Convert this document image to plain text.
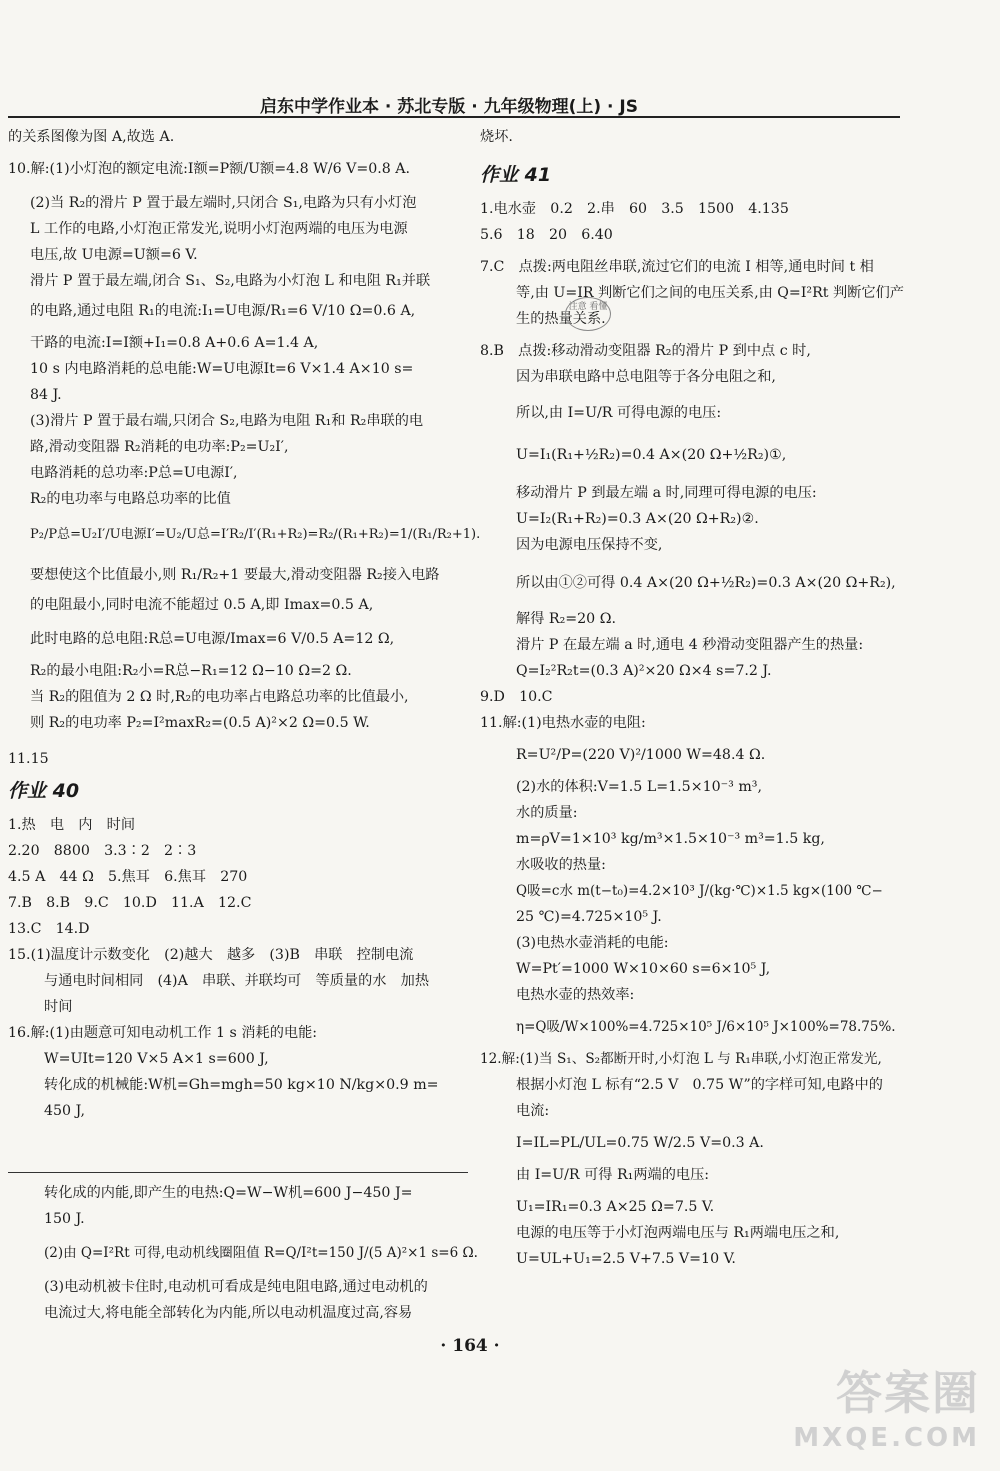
启东中学作业本 · 苏北专版 · 九年级物理(上) · JS

的关系图像为图 A,故选 A.

10.解:(1)小灯泡的额定电流:I额=P额/U额=4.8 W/6 V=0.8 A.

(2)当 R₂的滑片 P 置于最左端时,只闭合 S₁,电路为只有小灯泡

L 工作的电路,小灯泡正常发光,说明小灯泡两端的电压为电源

电压,故 U电源=U额=6 V.

滑片 P 置于最左端,闭合 S₁、S₂,电路为小灯泡 L 和电阻 R₁并联

的电路,通过电阻 R₁的电流:I₁=U电源/R₁=6 V/10 Ω=0.6 A,

干路的电流:I=I额+I₁=0.8 A+0.6 A=1.4 A,

10 s 内电路消耗的总电能:W=U电源It=6 V×1.4 A×10 s=

84 J.

(3)滑片 P 置于最右端,只闭合 S₂,电路为电阻 R₁和 R₂串联的电

路,滑动变阻器 R₂消耗的电功率:P₂=U₂I′,

电路消耗的总功率:P总=U电源I′,

R₂的电功率与电路总功率的比值

P₂/P总=U₂I′/U电源I′=U₂/U总=I′R₂/I′(R₁+R₂)=R₂/(R₁+R₂)=1/(R₁/R₂+1).

要想使这个比值最小,则 R₁/R₂+1 要最大,滑动变阻器 R₂接入电路

的电阻最小,同时电流不能超过 0.5 A,即 Imax=0.5 A,

此时电路的总电阻:R总=U电源/Imax=6 V/0.5 A=12 Ω,

R₂的最小电阻:R₂小=R总−R₁=12 Ω−10 Ω=2 Ω.

当 R₂的阻值为 2 Ω 时,R₂的电功率占电路总功率的比值最小,

则 R₂的电功率 P₂=I²maxR₂=(0.5 A)²×2 Ω=0.5 W.

11.15

作业 40

1.热　电　内　时间

2.20　8800　3.3∶2　2∶3

4.5 A　44 Ω　5.焦耳　6.焦耳　270

7.B　8.B　9.C　10.D　11.A　12.C

13.C　14.D

15.(1)温度计示数变化　(2)越大　越多　(3)B　串联　控制电流

与通电时间相同　(4)A　串联、并联均可　等质量的水　加热

时间

16.解:(1)由题意可知电动机工作 1 s 消耗的电能:

W=UIt=120 V×5 A×1 s=600 J,

转化成的机械能:W机=Gh=mgh=50 kg×10 N/kg×0.9 m=

450 J,

转化成的内能,即产生的电热:Q=W−W机=600 J−450 J=

150 J.

(2)由 Q=I²Rt 可得,电动机线圈阻值 R=Q/I²t=150 J/(5 A)²×1 s=6 Ω.

(3)电动机被卡住时,电动机可看成是纯电阻电路,通过电动机的

电流过大,将电能全部转化为内能,所以电动机温度过高,容易

烧坏.

作业 41

1.电水壶　0.2　2.串　60　3.5　1500　4.135

5.6　18　20　6.40

7.C　点拨:两电阻丝串联,流过它们的电流 I 相等,通电时间 t 相

等,由 U=IR 判断它们之间的电压关系,由 Q=I²Rt 判断它们产

生的热量关系.

8.B　点拨:移动滑动变阻器 R₂的滑片 P 到中点 c 时,

因为串联电路中总电阻等于各分电阻之和,

所以,由 I=U/R 可得电源的电压:

U=I₁(R₁+½R₂)=0.4 A×(20 Ω+½R₂)①,

移动滑片 P 到最左端 a 时,同理可得电源的电压:

U=I₂(R₁+R₂)=0.3 A×(20 Ω+R₂)②.

因为电源电压保持不变,

所以由①②可得 0.4 A×(20 Ω+½R₂)=0.3 A×(20 Ω+R₂),

解得 R₂=20 Ω.

滑片 P 在最左端 a 时,通电 4 秒滑动变阻器产生的热量:

Q=I₂²R₂t=(0.3 A)²×20 Ω×4 s=7.2 J.

9.D　10.C

11.解:(1)电热水壶的电阻:

R=U²/P=(220 V)²/1000 W=48.4 Ω.

(2)水的体积:V=1.5 L=1.5×10⁻³ m³,

水的质量:

m=ρV=1×10³ kg/m³×1.5×10⁻³ m³=1.5 kg,

水吸收的热量:

Q吸=c水 m(t−t₀)=4.2×10³ J/(kg·℃)×1.5 kg×(100 ℃−

25 ℃)=4.725×10⁵ J.

(3)电热水壶消耗的电能:

W=Pt′=1000 W×10×60 s=6×10⁵ J,

电热水壶的热效率:

η=Q吸/W×100%=4.725×10⁵ J/6×10⁵ J×100%=78.75%.

12.解:(1)当 S₁、S₂都断开时,小灯泡 L 与 R₁串联,小灯泡正常发光,

根据小灯泡 L 标有“2.5 V　0.75 W”的字样可知,电路中的

电流:

I=IL=PL/UL=0.75 W/2.5 V=0.3 A.

由 I=U/R 可得 R₁两端的电压:

U₁=IR₁=0.3 A×25 Ω=7.5 V.

电源的电压等于小灯泡两端电压与 R₁两端电压之和,

U=UL+U₁=2.5 V+7.5 V=10 V.

注意 看懂
· 164 ·
答案圈
MXQE.COM
